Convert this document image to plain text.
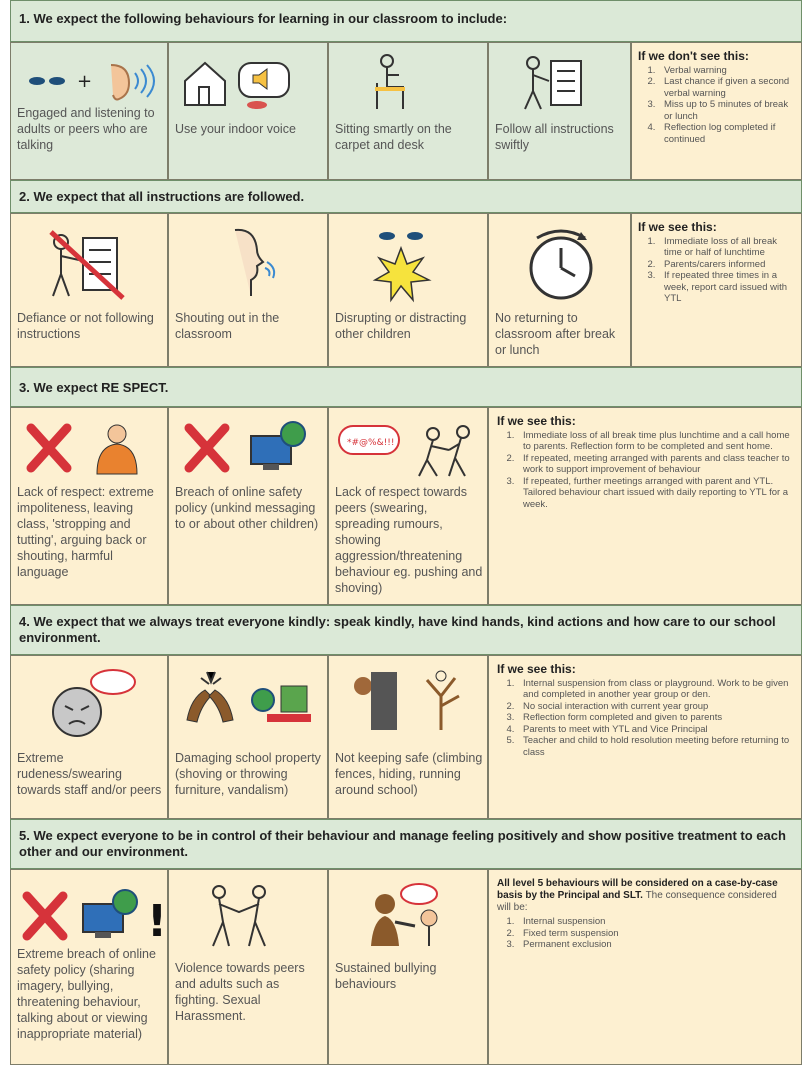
1. We expect the following behaviours for learning in our classroom to include:
+
Engaged and listening to adults or peers who are talking
Use your indoor voice	Sitting smartly on the carpet and desk
Follow all instructions swiftly
If we don't see this:
1. Verbal warning
2. Last chance if given a second verbal warning
3. Miss up to 5 minutes of break or lunch
4. Reflection log completed if continued
2. We expect that all instructions are followed.
Defiance or not following instructions
Shouting out in the classroom
Disrupting or distracting other children
No returning to classroom after break or lunch
If we see this:
1. Immediate loss of all break time or half of lunchtime
2. Parents/carers informed
3. If repeated three times in a week, report card issued with YTL
3. We expect RE SPECT.
Lack of respect: extreme impoliteness, leaving class, 'stropping and tutting', arguing back or shouting, harmful language
Breach of online safety policy (unkind messaging to or about other children)
*#@%&!!!
Lack of respect towards peers (swearing, spreading rumours, showing aggression/threatening behaviour eg. pushing and shoving)
If we see this:
1. Immediate loss of all break time plus lunchtime and a call home to parents. Reflection form to be completed and sent home.
2. If repeated, meeting arranged with parents and class teacher to work to support improvement of behaviour
3. If repeated, further meetings arranged with parent and YTL. Tailored behaviour chart issued with daily reporting to YTL for a week.
4. We expect that we always treat everyone kindly: speak kindly, have kind hands, kind actions and how care to our school environment.
Extreme rudeness/swearing towards staff and/or peers
Damaging school property (shoving or throwing furniture, vandalism)
Not keeping safe (climbing fences, hiding, running around school)
If we see this:
1. Internal suspension from class or playground. Work to be given and completed in another year group or den.
2. No social interaction with current year group
3. Reflection form completed and given to parents
4. Parents to meet with YTL and Vice Principal
5. Teacher and child to hold resolution meeting before returning to class
5. We expect everyone to be in control of their behaviour and manage feeling positively and show positive treatment to each other and our environment.
!
Extreme breach of online safety policy (sharing imagery, bullying, threatening behaviour, talking about or viewing inappropriate material)
Violence towards peers and adults such as fighting. Sexual Harassment.
Sustained bullying behaviours
All level 5 behaviours will be considered on a case-by-case basis by the Principal and SLT. The consequence considered will be:
1. Internal suspension
2. Fixed term suspension
3. Permanent exclusion
